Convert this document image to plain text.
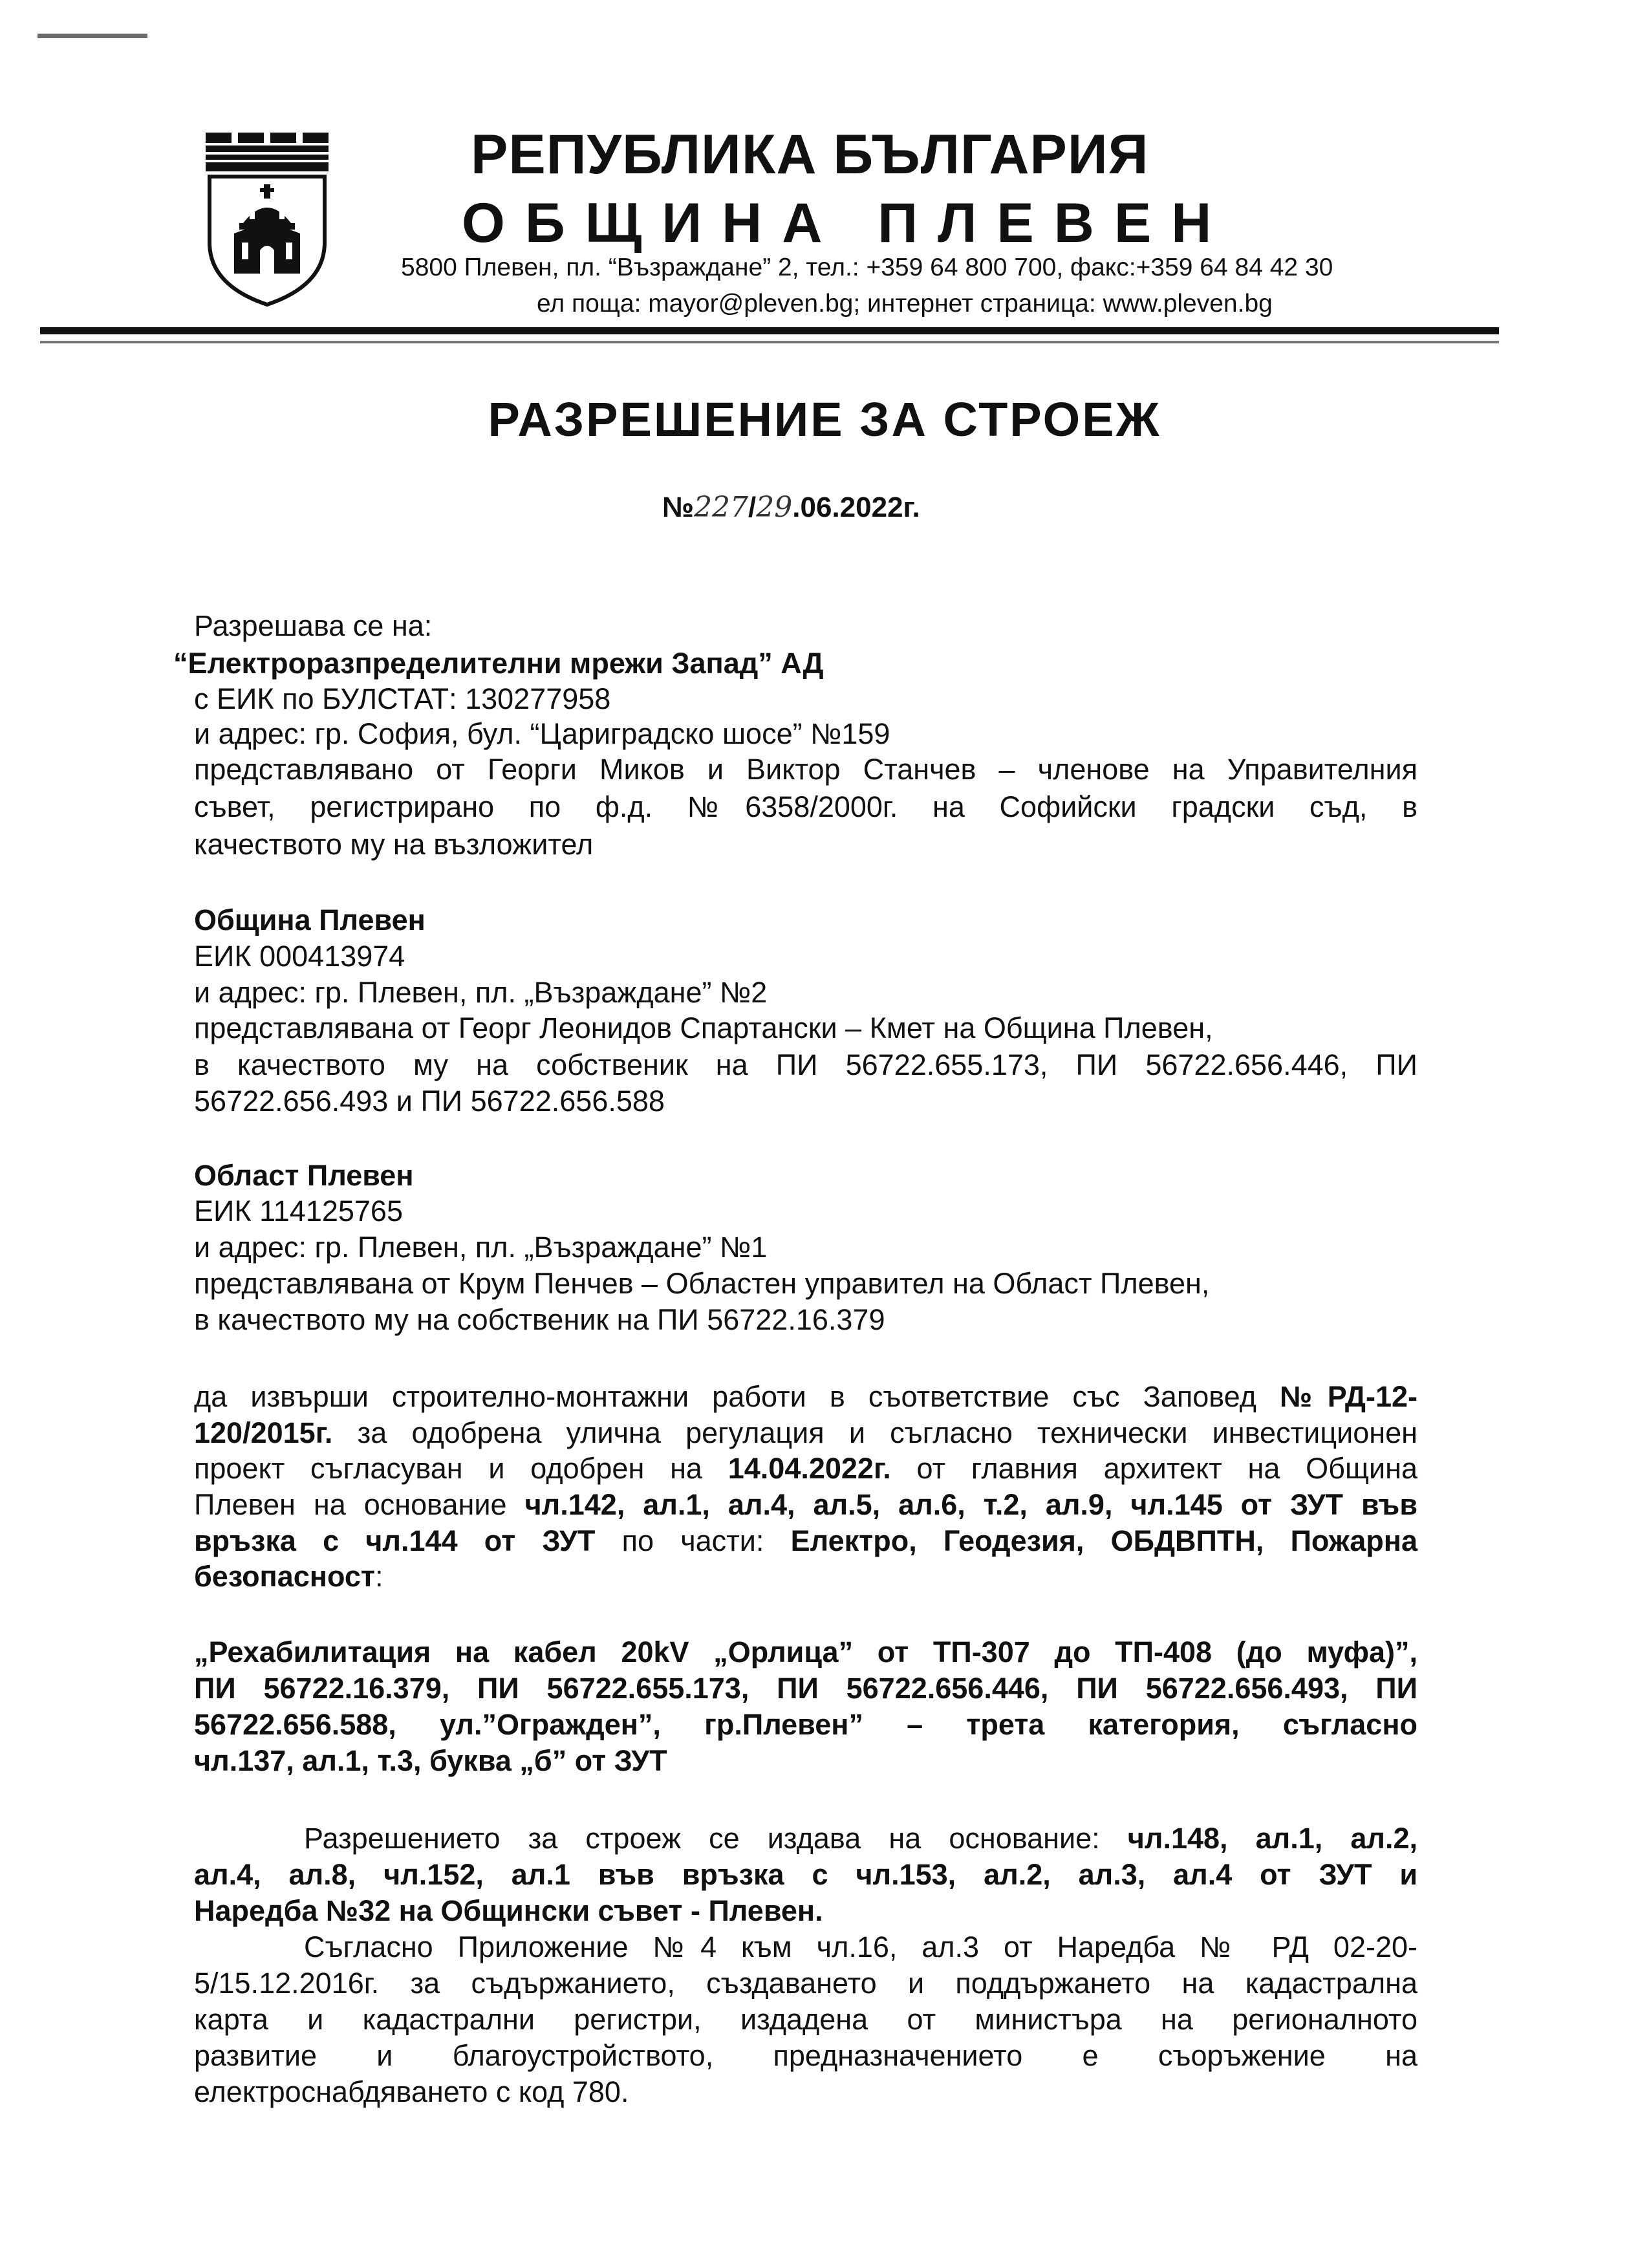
РЕПУБЛИКА БЪЛГАРИЯ
ОБЩИНА ПЛЕВЕН
5800 Плевен, пл. “Възраждане” 2, тел.: +359 64 800 700, факс:+359 64 84 42 30
ел поща: mayor@pleven.bg; интернет страница: www.pleven.bg
РАЗРЕШЕНИЕ ЗА СТРОЕЖ
№227/29.06.2022г.
Разрешава се на:
“Електроразпределителни мрежи Запад” АД
с ЕИК по БУЛСТАТ: 130277958
и адрес: гр. София, бул. “Цариградско шосе” №159
представлявано от Георги Миков и Виктор Станчев – членове на Управителния
съвет, регистрирано по ф.д. №6358/2000г. на Софийски градски съд, в
качеството му на възложител
Община Плевен
ЕИК 000413974
и адрес: гр. Плевен, пл. „Възраждане” №2
представлявана от Георг Леонидов Спартански – Кмет на Община Плевен,
в качеството му на собственик на ПИ 56722.655.173, ПИ 56722.656.446, ПИ
56722.656.493 и ПИ 56722.656.588
Област Плевен
ЕИК 114125765
и адрес: гр. Плевен, пл. „Възраждане” №1
представлявана от Крум Пенчев – Областен управител на Област Плевен,
в качеството му на собственик на ПИ 56722.16.379
да извърши строително-монтажни работи в съответствие със Заповед №РД-12-
120/2015г. за одобрена улична регулация и съгласно технически инвестиционен
проект съгласуван и одобрен на 14.04.2022г. от главния архитект на Община
Плевен на основание чл.142, ал.1, ал.4, ал.5, ал.6, т.2, ал.9, чл.145 от ЗУТ във
връзка с чл.144 от ЗУТ по части: Електро, Геодезия, ОБДВПТН, Пожарна
безопасност:
„Рехабилитация на кабел 20kV „Орлица” от ТП-307 до ТП-408 (до муфа)”,
ПИ 56722.16.379, ПИ 56722.655.173, ПИ 56722.656.446, ПИ 56722.656.493, ПИ
56722.656.588, ул.”Огражден”, гр.Плевен” – трета категория, съгласно
чл.137, ал.1, т.3, буква „б” от ЗУТ
Разрешението за строеж се издава на основание: чл.148, ал.1, ал.2,
ал.4, ал.8, чл.152, ал.1 във връзка с чл.153, ал.2, ал.3, ал.4 от ЗУТ и
Наредба №32 на Общински съвет - Плевен.
Съгласно Приложение №4 към чл.16, ал.3 от Наредба № РД 02-20-
5/15.12.2016г. за съдържанието, създаването и поддържането на кадастрална
карта и кадастрални регистри, издадена от министъра на регионалното
развитие и благоустройството, предназначението е съоръжение на
електроснабдяването с код 780.
